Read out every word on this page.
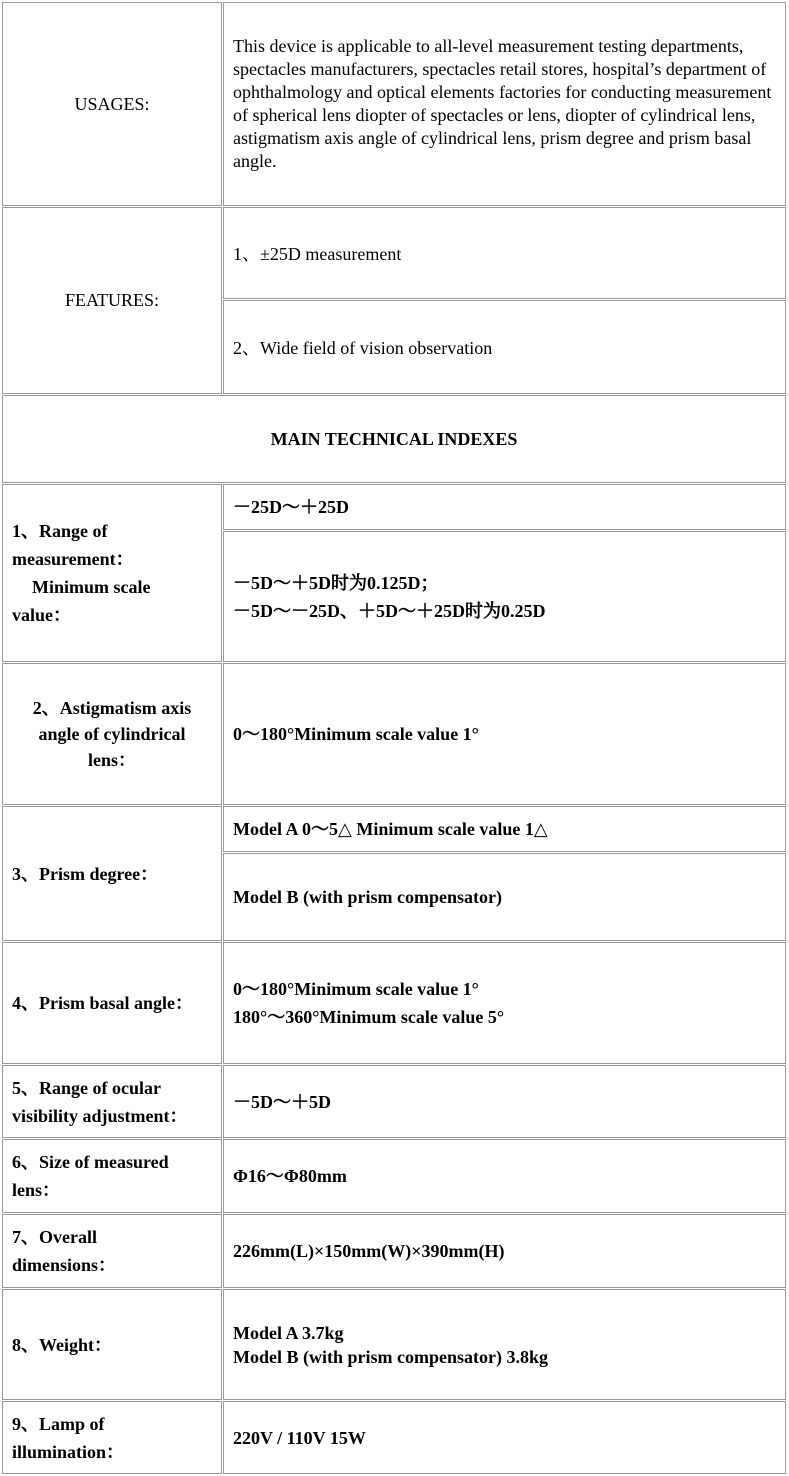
USAGES:
This device is applicable to all-level measurement testing departments, spectacles manufacturers, spectacles retail stores, hospital’s department of ophthalmology and optical elements factories for conducting measurement of spherical lens diopter of spectacles or lens, diopter of cylindrical lens, astigmatism axis angle of cylindrical lens, prism degree and prism basal angle.
FEATURES:
1、±25D measurement
2、Wide field of vision observation
MAIN TECHNICAL INDEXES
1、Range of
measurement：
Minimum scale
value：
－25D～＋25D
－5D～＋5D时为0.125D；
－5D～－25D、＋5D～＋25D时为0.25D
2、Astigmatism axis
angle of cylindrical
lens：
0～180°Minimum scale value 1°
3、Prism degree：
Model A 0～5△ Minimum scale value 1△
Model B (with prism compensator)
4、Prism basal angle：
0～180°Minimum scale value 1°
180°～360°Minimum scale value 5°
5、Range of ocular
visibility adjustment：
－5D～＋5D
6、Size of measured
lens：
Φ16～Φ80mm
7、Overall
dimensions：
226mm(L)×150mm(W)×390mm(H)
8、Weight：
Model A 3.7kg
Model B (with prism compensator) 3.8kg
9、Lamp of
illumination：
220V / 110V 15W
